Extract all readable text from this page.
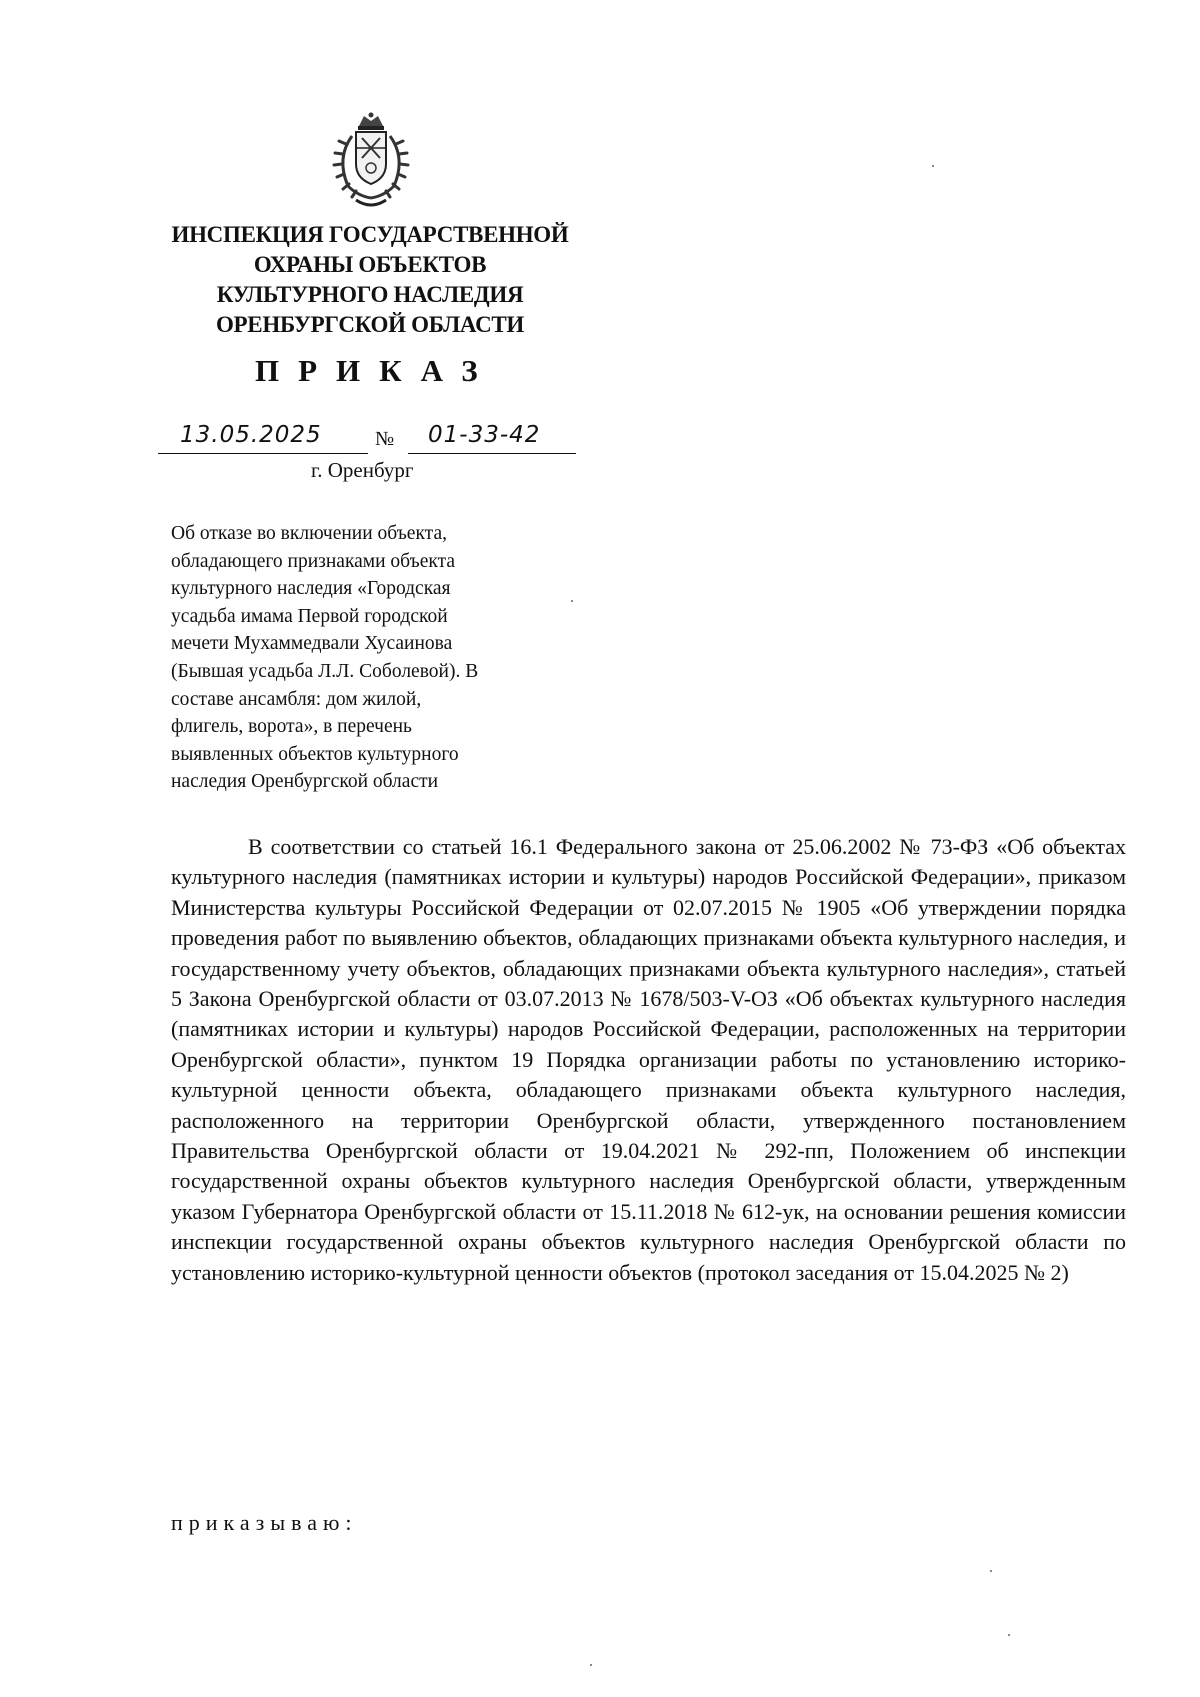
ИНСПЕКЦИЯ ГОСУДАРСТВЕННОЙ
ОХРАНЫ ОБЪЕКТОВ
КУЛЬТУРНОГО НАСЛЕДИЯ
ОРЕНБУРГСКОЙ ОБЛАСТИ
ПРИКАЗ
13.05.2025	№ 01-33-42
г. Оренбург
Об отказе во включении объекта,
обладающего признаками объекта
культурного наследия «Городская
усадьба имама Первой городской
мечети Мухаммедвали Хусаинова
(Бывшая усадьба Л.Л. Соболевой). В
составе ансамбля: дом жилой,
флигель, ворота», в перечень
выявленных объектов культурного
наследия Оренбургской области

В соответствии со статьей 16.1 Федерального закона от 25.06.2002 № 73-ФЗ «Об объектах культурного наследия (памятниках истории и культуры) народов Российской Федерации», приказом Министерства культуры Российской Федерации от 02.07.2015 № 1905 «Об утверждении порядка проведения работ по выявлению объектов, обладающих признаками объекта культурного наследия, и государственному учету объектов, обладающих признаками объекта культурного наследия», статьей 5 Закона Оренбургской области от 03.07.2013 № 1678/503-V-ОЗ «Об объектах культурного наследия (памятниках истории и культуры) народов Российской Федерации, расположенных на территории Оренбургской области», пунктом 19 Порядка организации работы по установлению историко-культурной ценности объекта, обладающего признаками объекта культурного наследия, расположенного на территории Оренбургской области, утвержденного постановлением Правительства Оренбургской области от 19.04.2021 № 292-пп, Положением об инспекции государственной охраны объектов культурного наследия Оренбургской области, утвержденным указом Губернатора Оренбургской области от 15.11.2018 № 612-ук, на основании решения комиссии инспекции государственной охраны объектов культурного наследия Оренбургской области по установлению историко-культурной ценности объектов (протокол заседания от 15.04.2025 № 2)

приказываю:
